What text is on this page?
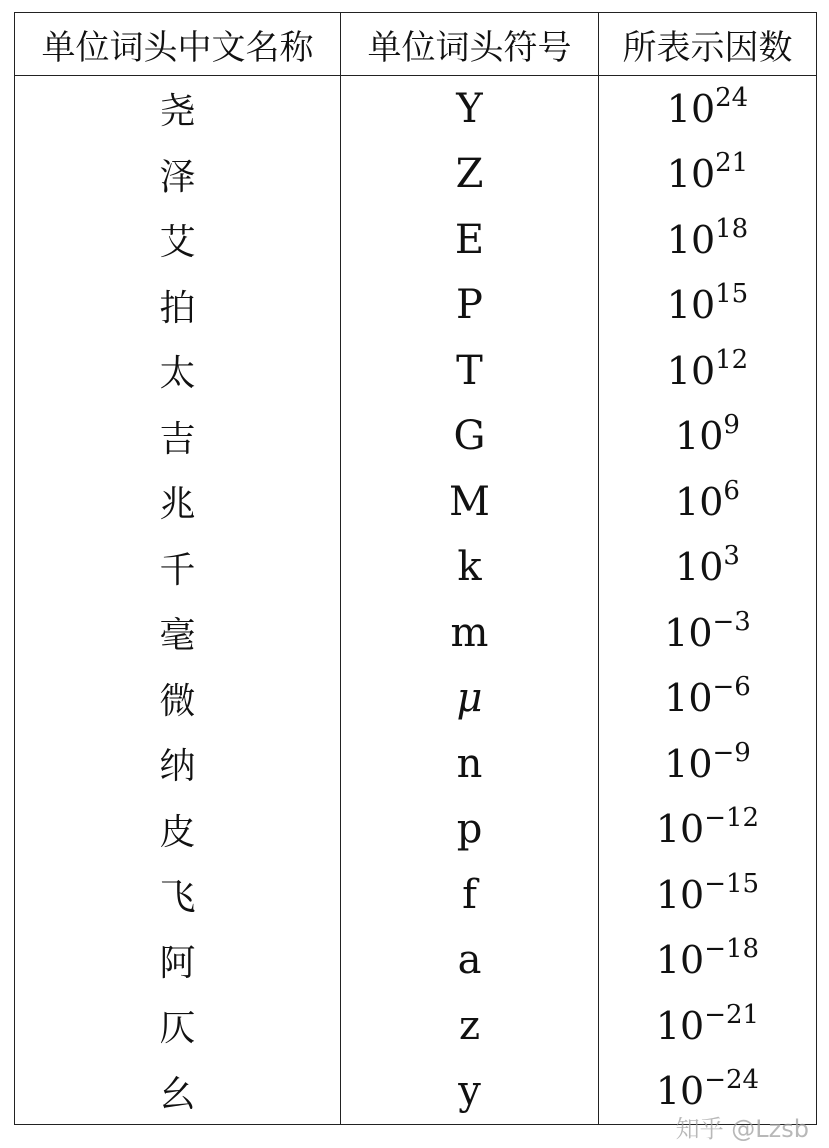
单位词头中文名称	单位词头符号	所表示因数
尧	Y	$10^{24}$
泽	Z	$10^{21}$
艾	E	$10^{18}$
拍	P	$10^{15}$
太	T	$10^{12}$
吉	G	$10^9$
兆	M	$10^6$
千	k	$10^3$
毫	m	$10^{-3}$
微	μ	$10^{-6}$
纳	n	$10^{-9}$
皮	p	$10^{-12}$
飞	f	$10^{-15}$
阿	a	$10^{-18}$
仄	z	$10^{-21}$
幺	y	$10^{-24}$
知乎 @Lzsb
